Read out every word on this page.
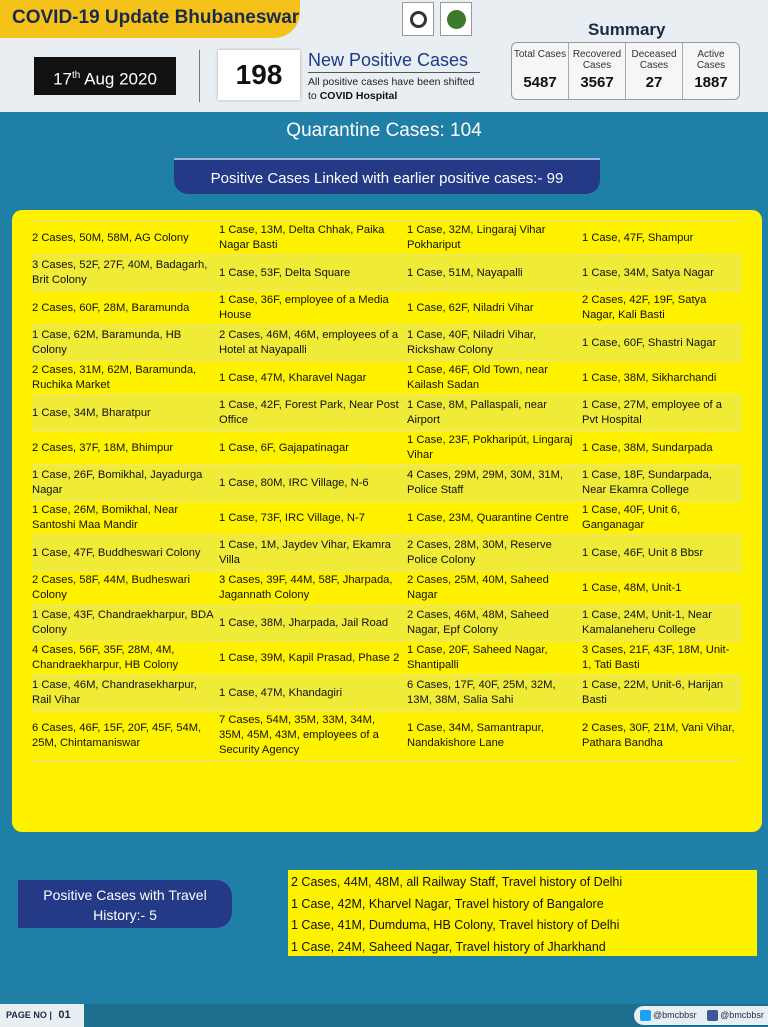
COVID-19 Update Bhubaneswar
17th Aug 2020	198	New Positive Cases
All positive cases have been shifted
to COVID Hospital
Summary
Total Cases
5487
Recovered Cases
3567
Deceased Cases
27
Active Cases
1887
Quarantine Cases: 104
Positive Cases Linked with earlier positive cases:- 99
2 Cases, 50M, 58M, AG Colony	1 Case, 13M, Delta Chhak, Paika Nagar Basti	1 Case, 32M, Lingaraj Vihar Pokhariput	1 Case, 47F, Shampur
3 Cases, 52F, 27F, 40M, Badagarh, Brit Colony	1 Case, 53F, Delta Square	1 Case, 51M, Nayapalli	1 Case, 34M, Satya Nagar
2 Cases, 60F, 28M, Baramunda	1 Case, 36F, employee of a Media House	1 Case, 62F, Niladri Vihar	2 Cases, 42F, 19F, Satya Nagar, Kali Basti
1 Case, 62M, Baramunda, HB Colony	2 Cases, 46M, 46M, employees of a Hotel at Nayapalli	1 Case, 40F, Niladri Vihar, Rickshaw Colony	1 Case, 60F, Shastri Nagar
2 Cases, 31M, 62M, Baramunda, Ruchika Market	1 Case, 47M, Kharavel Nagar	1 Case, 46F, Old Town, near Kailash Sadan	1 Case, 38M, Sikharchandi
1 Case, 34M, Bharatpur	1 Case, 42F, Forest Park, Near Post Office	1 Case, 8M, Pallaspali, near Airport	1 Case, 27M, employee of a Pvt Hospital
2 Cases, 37F, 18M, Bhimpur	1 Case, 6F, Gajapatinagar	1 Case, 23F, Pokharipút, Lingaraj Vihar	1 Case, 38M, Sundarpada
1 Case, 26F, Bomikhal, Jayadurga Nagar	1 Case, 80M, IRC Village, N-6	4 Cases, 29M, 29M, 30M, 31M, Police Staff	1 Case, 18F, Sundarpada, Near Ekamra College
1 Case, 26M, Bomikhal, Near Santoshi Maa Mandir	1 Case, 73F, IRC Village, N-7	1 Case, 23M, Quarantine Centre	1 Case, 40F, Unit 6, Ganganagar
1 Case, 47F, Buddheswari Colony	1 Case, 1M, Jaydev Vihar, Ekamra Villa	2 Cases, 28M, 30M, Reserve Police Colony	1 Case, 46F, Unit 8 Bbsr
2 Cases, 58F, 44M, Budheswari Colony	3 Cases, 39F, 44M, 58F, Jharpada, Jagannath Colony	2 Cases, 25M, 40M, Saheed Nagar	1 Case, 48M, Unit-1
1 Case, 43F, Chandraekharpur, BDA Colony	1 Case, 38M, Jharpada, Jail Road	2 Cases, 46M, 48M, Saheed Nagar, Epf Colony	1 Case, 24M, Unit-1, Near Kamalaneheru College
4 Cases, 56F, 35F, 28M, 4M, Chandraekharpur, HB Colony	1 Case, 39M, Kapil Prasad, Phase 2	1 Case, 20F, Saheed Nagar, Shantipalli	3 Cases, 21F, 43F, 18M, Unit-1, Tati Basti
1 Case, 46M, Chandrasekharpur, Rail Vihar	1 Case, 47M, Khandagiri	6 Cases, 17F, 40F, 25M, 32M, 13M, 38M, Salia Sahi	1 Case, 22M, Unit-6, Harijan Basti
6 Cases, 46F, 15F, 20F, 45F, 54M, 25M, Chintamaniswar	7 Cases, 54M, 35M, 33M, 34M, 35M, 45M, 43M, employees of a Security Agency	1 Case, 34M, Samantrapur, Nandakishore Lane	2 Cases, 30F, 21M, Vani Vihar, Pathara Bandha
Positive Cases with Travel History:- 5
2 Cases, 44M, 48M, all Railway Staff, Travel history of Delhi
1 Case, 42M, Kharvel Nagar, Travel history of Bangalore
1 Case, 41M, Dumduma, HB Colony, Travel history of Delhi
1 Case, 24M, Saheed Nagar, Travel history of Jharkhand
PAGE NO | 01	@bmcbbsr	@bmcbbsr
